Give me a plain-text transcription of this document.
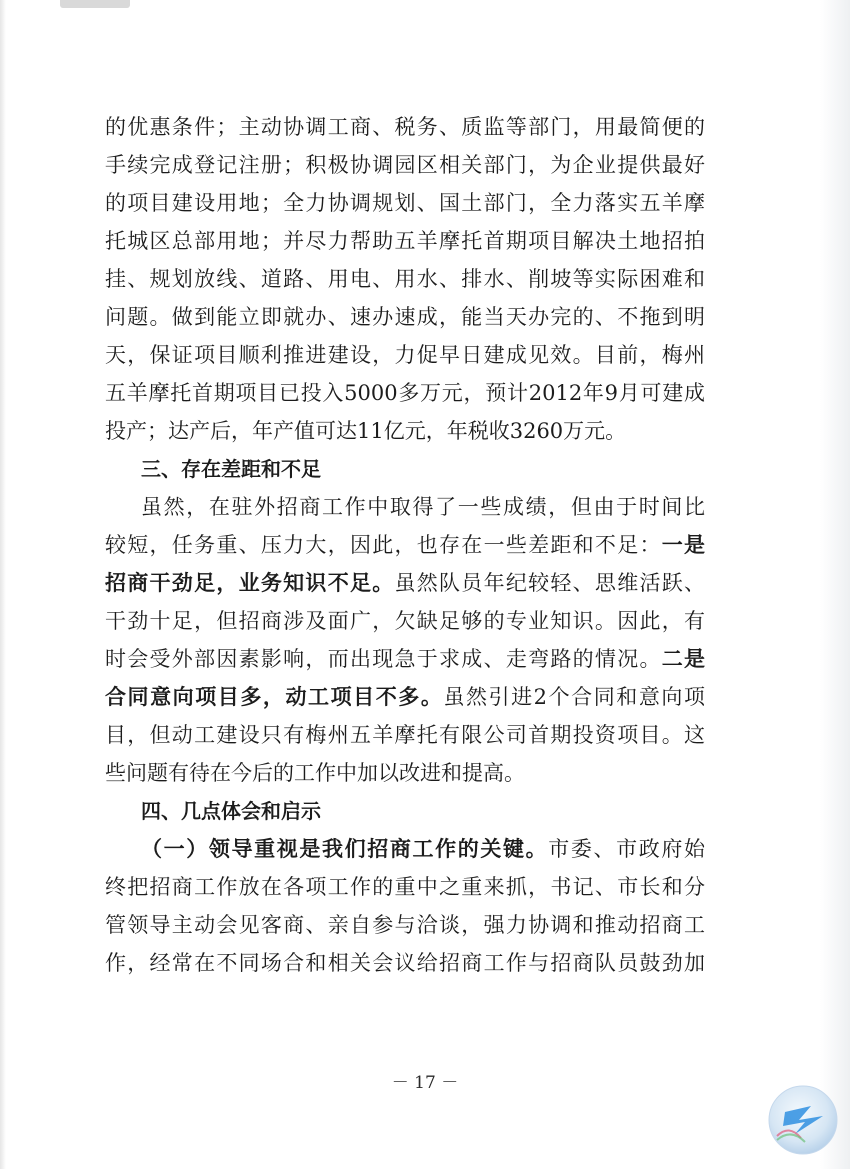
的优惠条件；主动协调工商、税务、质监等部门，用最简便的
手续完成登记注册；积极协调园区相关部门，为企业提供最好
的项目建设用地；全力协调规划、国土部门，全力落实五羊摩
托城区总部用地；并尽力帮助五羊摩托首期项目解决土地招拍
挂、规划放线、道路、用电、用水、排水、削坡等实际困难和
问题。做到能立即就办、速办速成，能当天办完的、不拖到明
天，保证项目顺利推进建设，力促早日建成见效。目前，梅州
五羊摩托首期项目已投入5000多万元，预计2012年9月可建成
投产；达产后，年产值可达11亿元，年税收3260万元。
三、存在差距和不足
虽然，在驻外招商工作中取得了一些成绩，但由于时间比
较短，任务重、压力大，因此，也存在一些差距和不足：一是
招商干劲足，业务知识不足。虽然队员年纪较轻、思维活跃、
干劲十足，但招商涉及面广，欠缺足够的专业知识。因此，有
时会受外部因素影响，而出现急于求成、走弯路的情况。二是
合同意向项目多，动工项目不多。虽然引进2个合同和意向项
目，但动工建设只有梅州五羊摩托有限公司首期投资项目。这
些问题有待在今后的工作中加以改进和提高。
四、几点体会和启示
（一）领导重视是我们招商工作的关键。市委、市政府始
终把招商工作放在各项工作的重中之重来抓，书记、市长和分
管领导主动会见客商、亲自参与洽谈，强力协调和推动招商工
作，经常在不同场合和相关会议给招商工作与招商队员鼓劲加
－ 17 －
